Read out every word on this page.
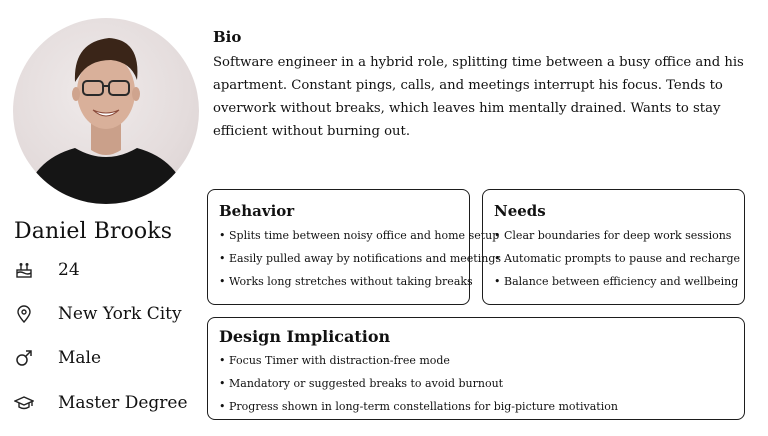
Daniel Brooks
24
New York City
Male
Master Degree
Bio
Software engineer in a hybrid role, splitting time between a busy office and his apartment. Constant pings, calls, and meetings interrupt his focus. Tends to overwork without breaks, which leaves him mentally drained. Wants to stay efficient without burning out.
Behavior
• Splits time between noisy office and home setup
• Easily pulled away by notifications and meetings
• Works long stretches without taking breaks
Needs
• Clear boundaries for deep work sessions
• Automatic prompts to pause and recharge
• Balance between efficiency and wellbeing
Design Implication
• Focus Timer with distraction-free mode
• Mandatory or suggested breaks to avoid burnout
• Progress shown in long-term constellations for big-picture motivation
